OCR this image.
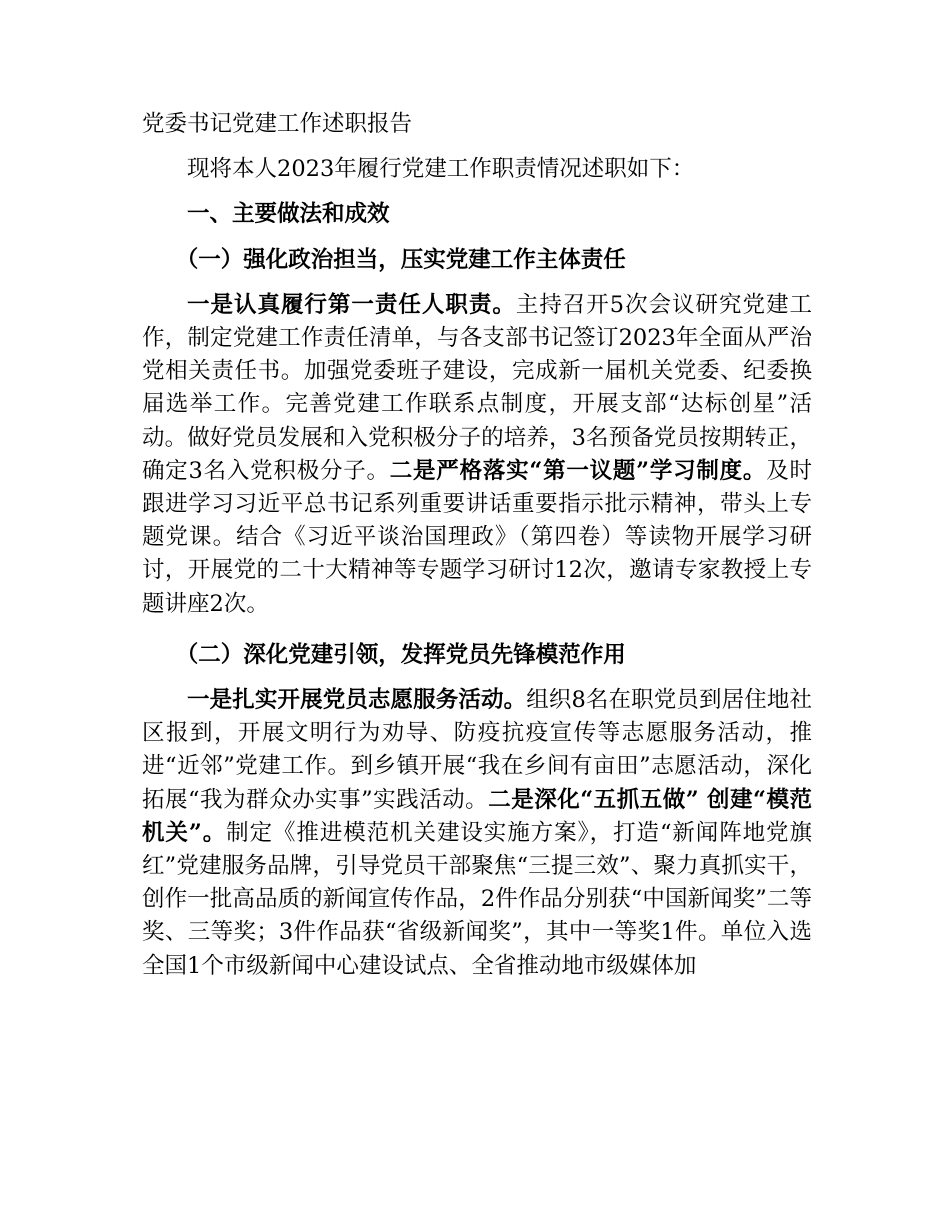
党委书记党建工作述职报告

现将本人2023年履行党建工作职责情况述职如下：

一、主要做法和成效

（一）强化政治担当，压实党建工作主体责任

一是认真履行第一责任人职责。主持召开5次会议研究党建工作，制定党建工作责任清单，与各支部书记签订2023年全面从严治党相关责任书。加强党委班子建设，完成新一届机关党委、纪委换届选举工作。完善党建工作联系点制度，开展支部“达标创星”活动。做好党员发展和入党积极分子的培养，3名预备党员按期转正，确定3名入党积极分子。二是严格落实“第一议题”学习制度。及时跟进学习习近平总书记系列重要讲话重要指示批示精神，带头上专题党课。结合《习近平谈治国理政》（第四卷）等读物开展学习研讨，开展党的二十大精神等专题学习研讨12次，邀请专家教授上专题讲座2次。

（二）深化党建引领，发挥党员先锋模范作用

一是扎实开展党员志愿服务活动。组织8名在职党员到居住地社区报到，开展文明行为劝导、防疫抗疫宣传等志愿服务活动，推进“近邻”党建工作。到乡镇开展“我在乡间有亩田”志愿活动，深化拓展“我为群众办实事”实践活动。二是深化“五抓五做” 创建“模范机关”。制定《推进模范机关建设实施方案》，打造“新闻阵地党旗红”党建服务品牌，引导党员干部聚焦“三提三效”、聚力真抓实干，创作一批高品质的新闻宣传作品，2件作品分别获“中国新闻奖”二等奖、三等奖；3件作品获“省级新闻奖”，其中一等奖1件。单位入选全国1个市级新闻中心建设试点、全省推动地市级媒体加
